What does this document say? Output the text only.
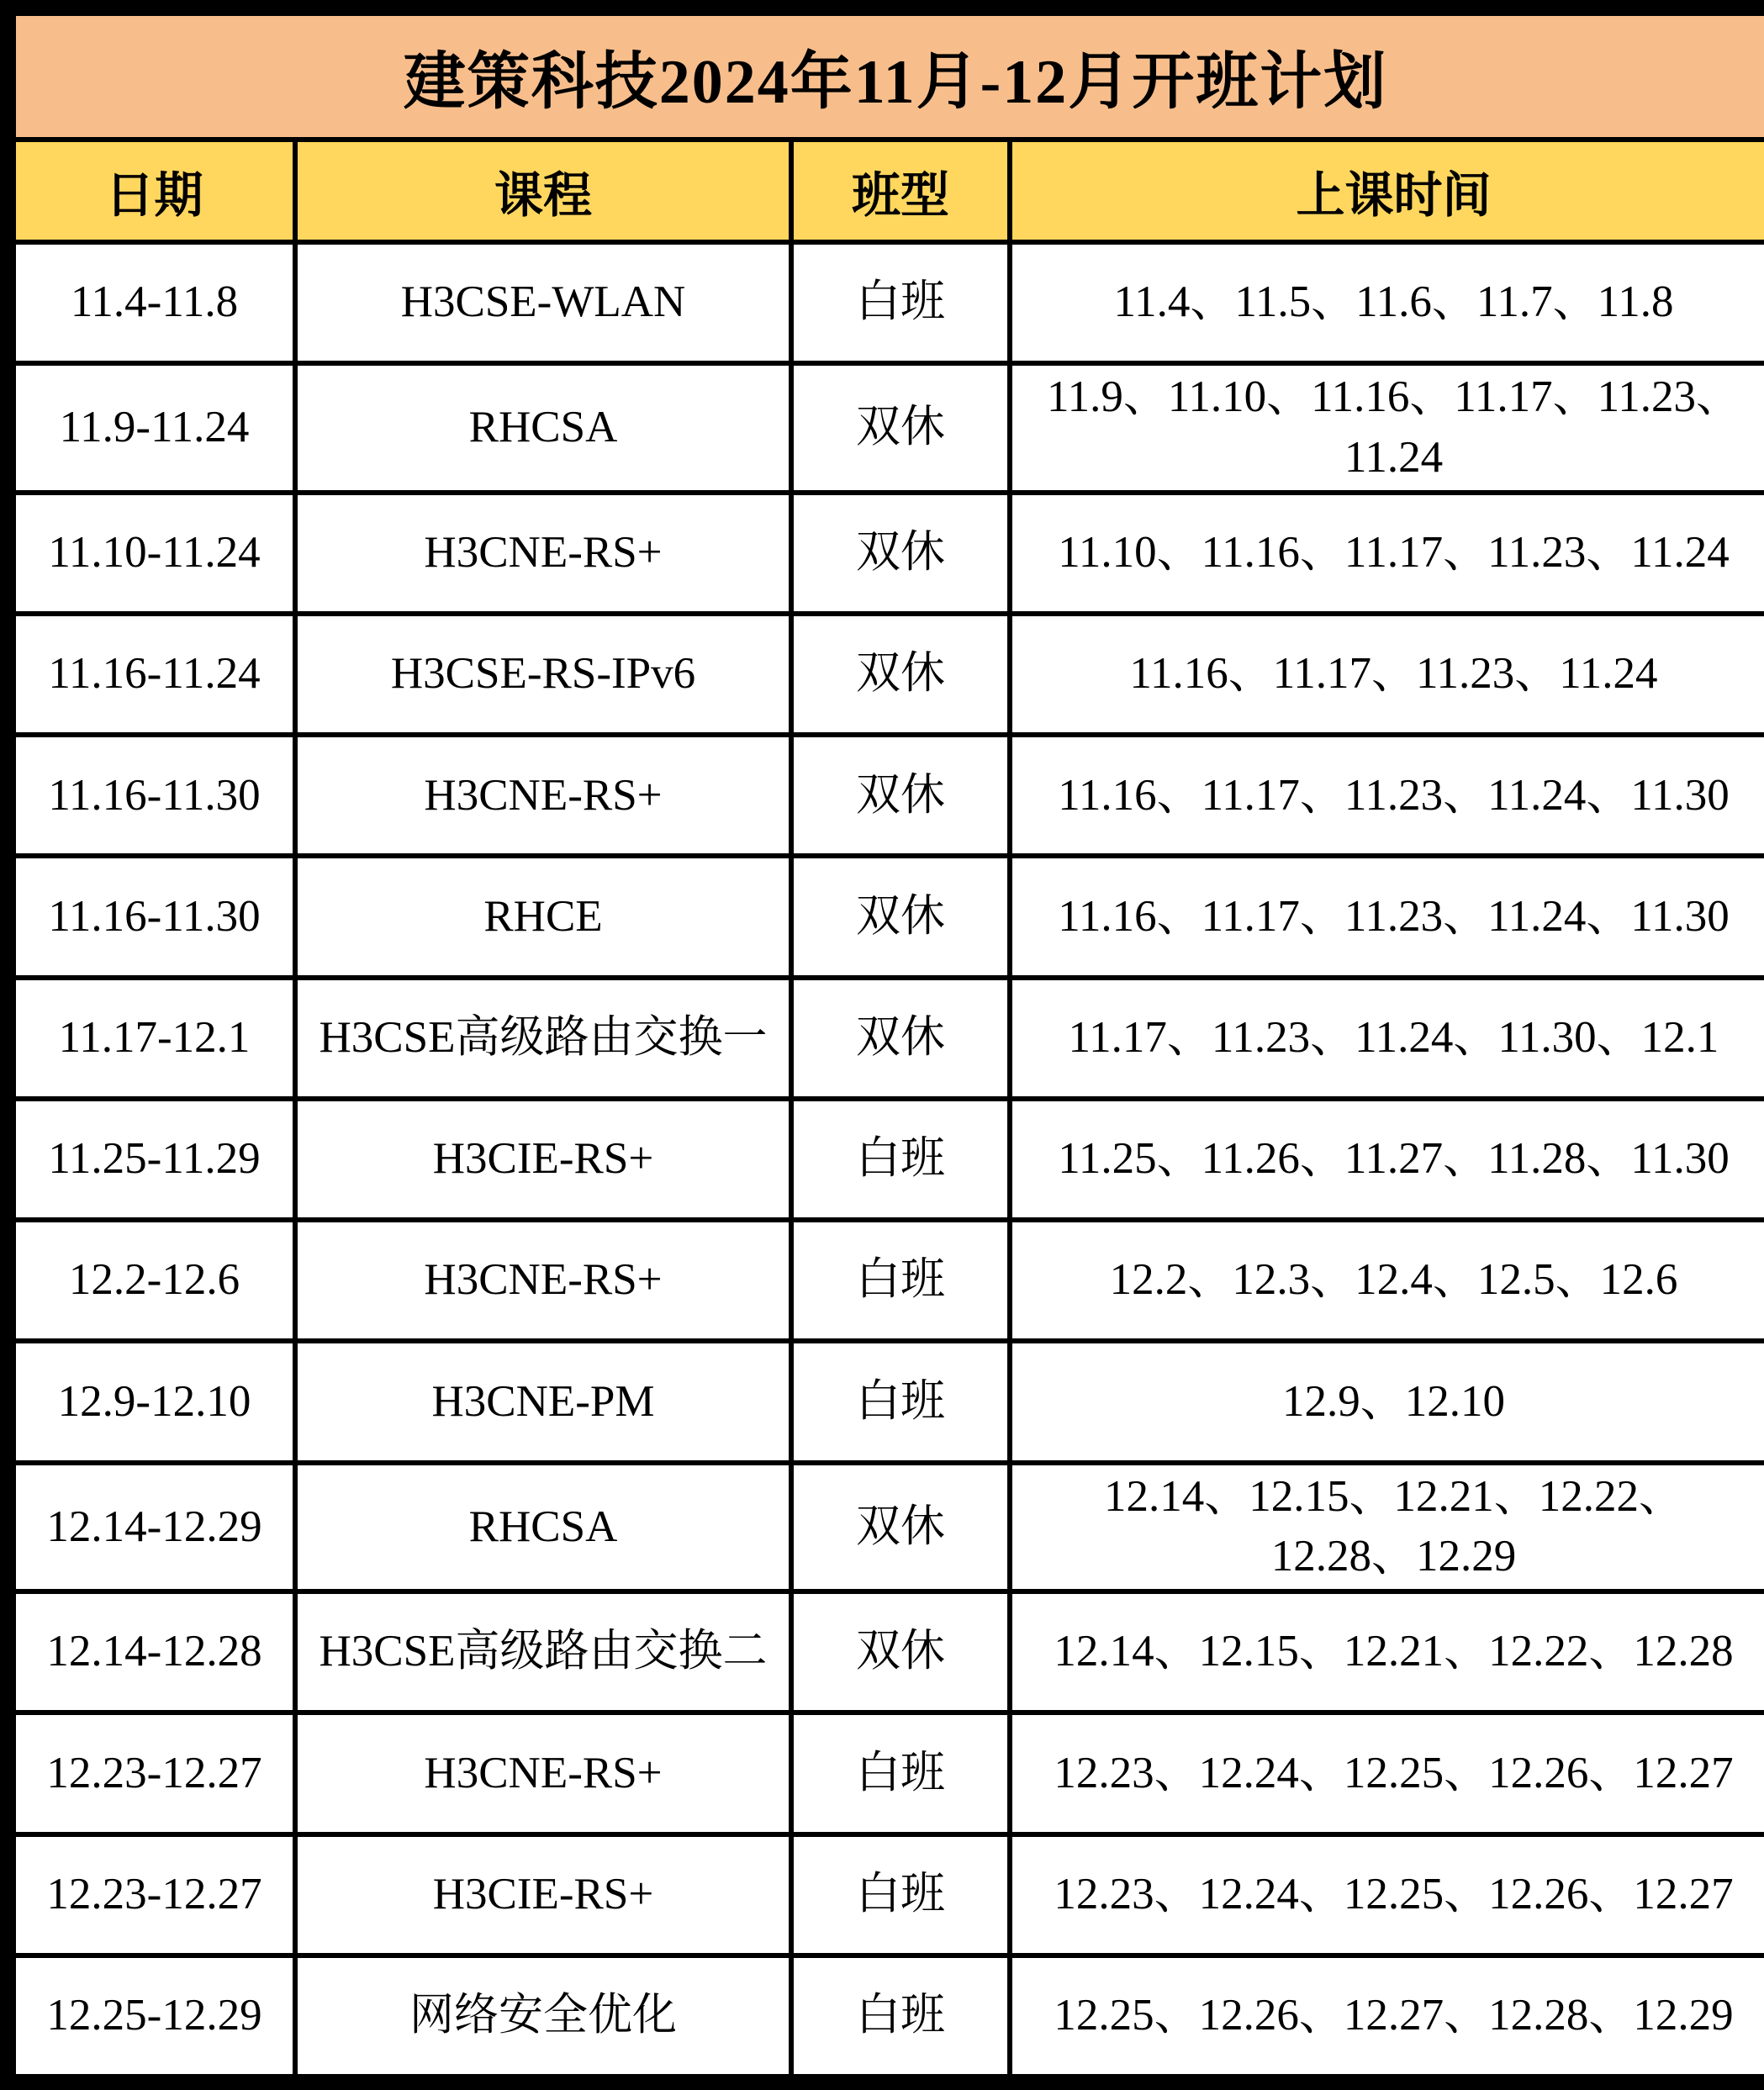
建策科技2024年11月-12月开班计划			
日期	课程	班型	上课时间
11.4-11.8	H3CSE-WLAN	白班	11.4、11.5、11.6、11.7、11.8
11.9-11.24	RHCSA	双休	11.9、11.10、11.16、11.17、11.23、11.24
11.10-11.24	H3CNE-RS+	双休	11.10、11.16、11.17、11.23、11.24
11.16-11.24	H3CSE-RS-IPv6	双休	11.16、11.17、11.23、11.24
11.16-11.30	H3CNE-RS+	双休	11.16、11.17、11.23、11.24、11.30
11.16-11.30	RHCE	双休	11.16、11.17、11.23、11.24、11.30
11.17-12.1	H3CSE高级路由交换一	双休	11.17、11.23、11.24、11.30、12.1
11.25-11.29	H3CIE-RS+	白班	11.25、11.26、11.27、11.28、11.30
12.2-12.6	H3CNE-RS+	白班	12.2、12.3、12.4、12.5、12.6
12.9-12.10	H3CNE-PM	白班	12.9、12.10
12.14-12.29	RHCSA	双休	12.14、12.15、12.21、12.22、12.28、12.29
12.14-12.28	H3CSE高级路由交换二	双休	12.14、12.15、12.21、12.22、12.28
12.23-12.27	H3CNE-RS+	白班	12.23、12.24、12.25、12.26、12.27
12.23-12.27	H3CIE-RS+	白班	12.23、12.24、12.25、12.26、12.27
12.25-12.29	网络安全优化	白班	12.25、12.26、12.27、12.28、12.29
